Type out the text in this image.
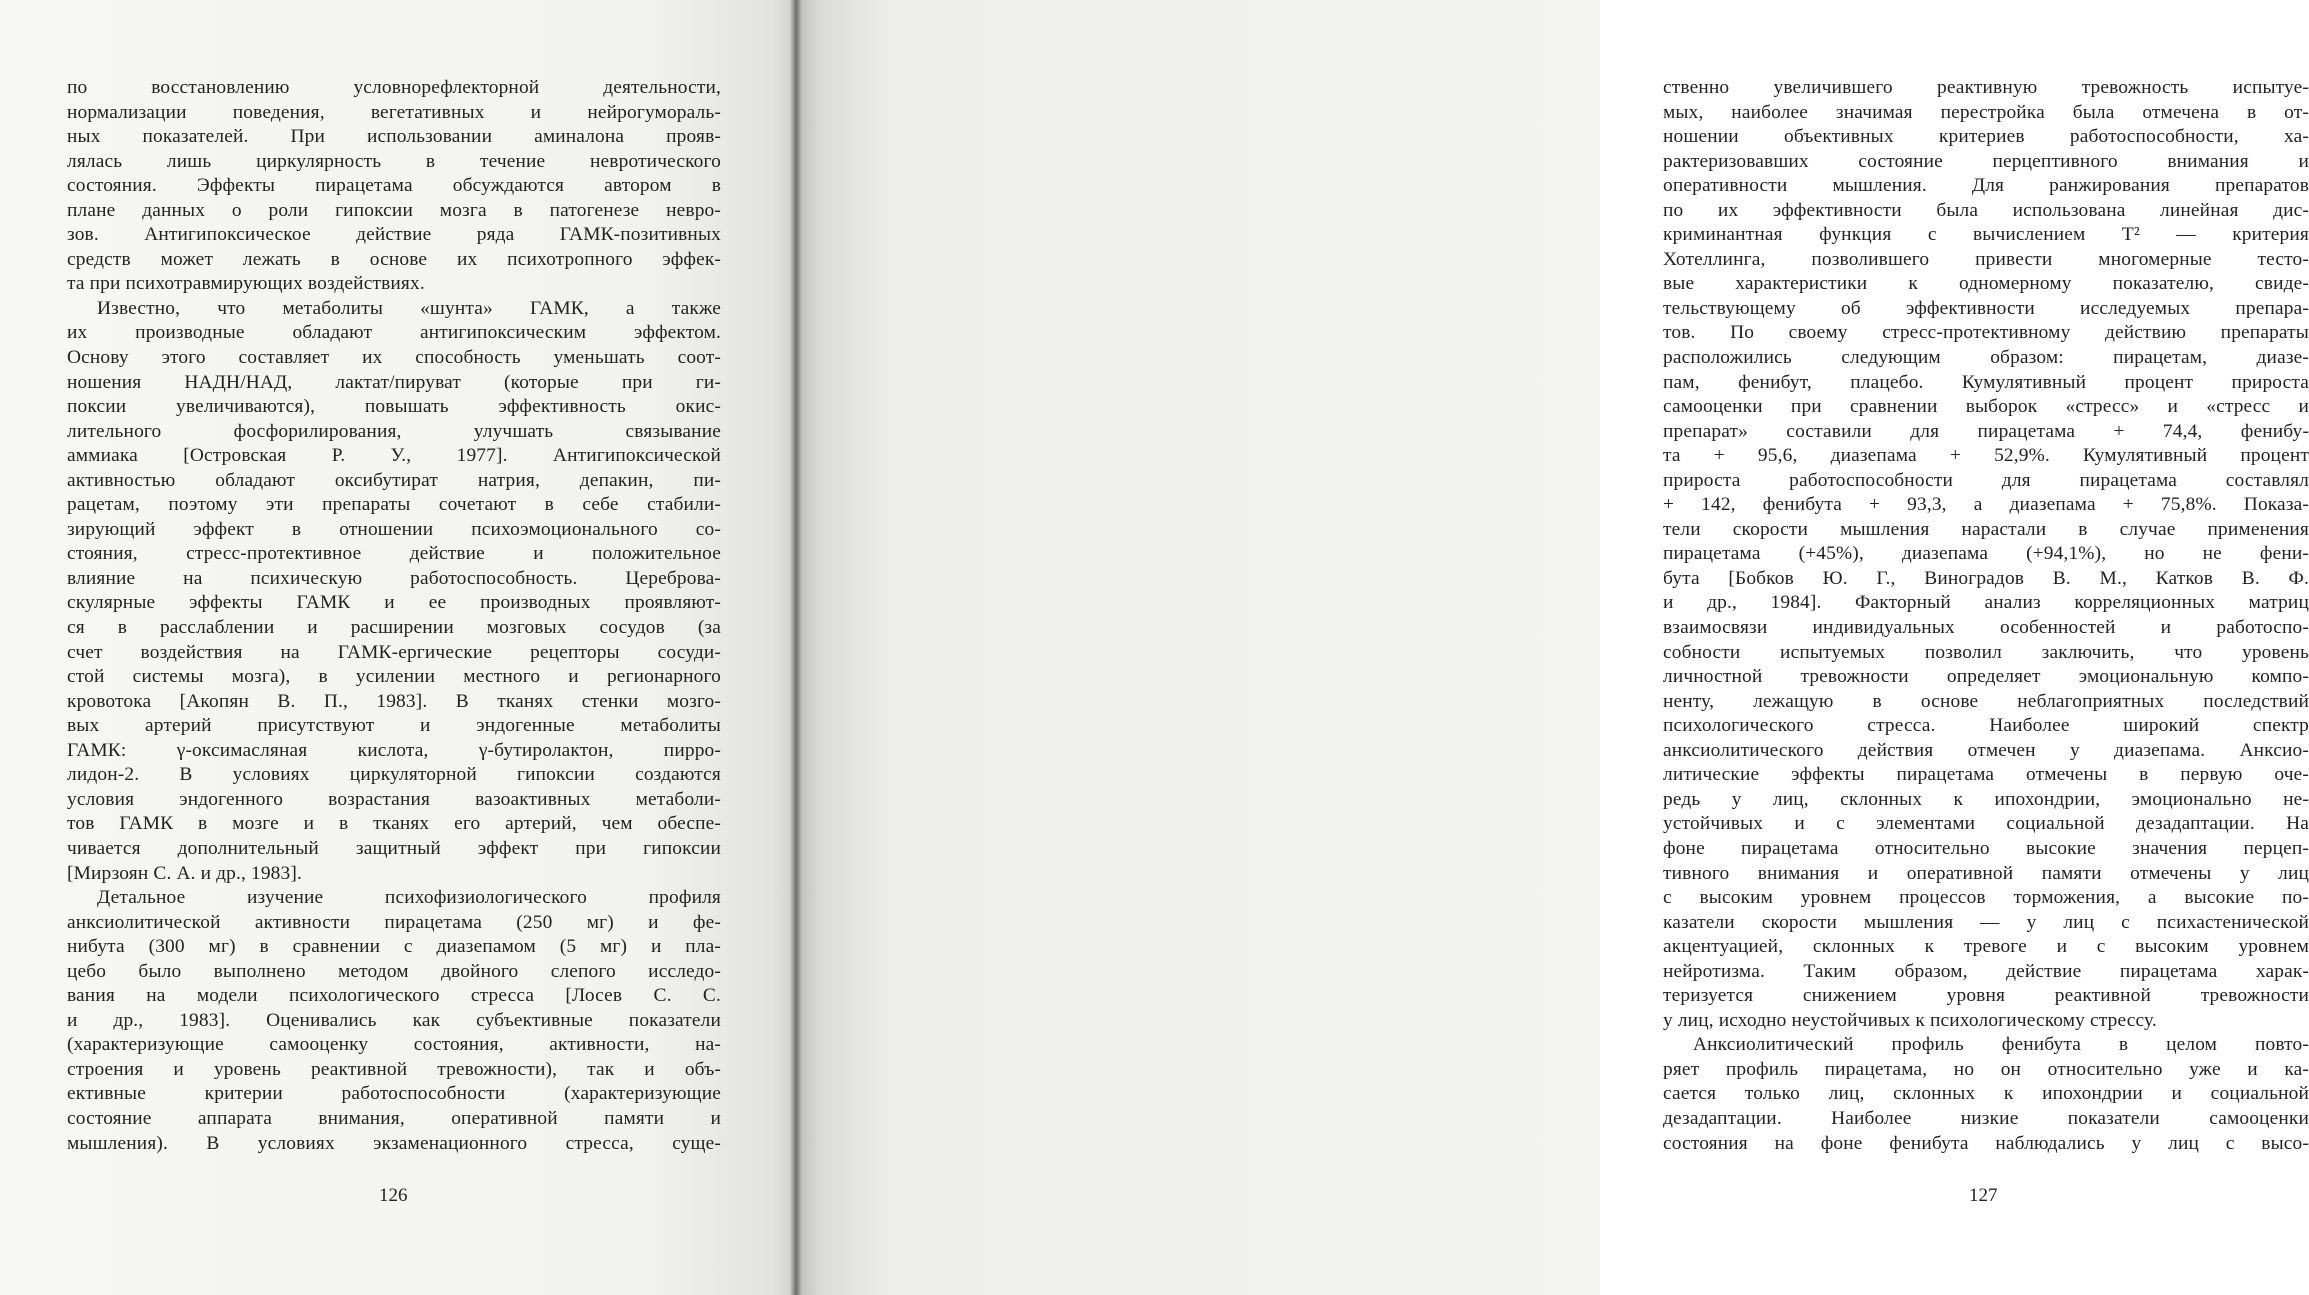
по восстановлению условнорефлекторной деятельности,
нормализации поведения, вегетативных и нейрогумораль-
ных показателей. При использовании аминалона прояв-
лялась лишь циркулярность в течение невротического
состояния. Эффекты пирацетама обсуждаются автором в
плане данных о роли гипоксии мозга в патогенезе невро-
зов. Антигипоксическое действие ряда ГАМК-позитивных
средств может лежать в основе их психотропного эффек-
та при психотравмирующих воздействиях.
Известно, что метаболиты «шунта» ГАМК, а также
их производные обладают антигипоксическим эффектом.
Основу этого составляет их способность уменьшать соот-
ношения НАДН/НАД, лактат/пируват (которые при ги-
поксии увеличиваются), повышать эффективность окис-
лительного фосфорилирования, улучшать связывание
аммиака [Островская Р. У., 1977]. Антигипоксической
активностью обладают оксибутират натрия, депакин, пи-
рацетам, поэтому эти препараты сочетают в себе стабили-
зирующий эффект в отношении психоэмоционального со-
стояния, стресс-протективное действие и положительное
влияние на психическую работоспособность. Цереброва-
скулярные эффекты ГАМК и ее производных проявляют-
ся в расслаблении и расширении мозговых сосудов (за
счет воздействия на ГАМК-ергические рецепторы сосуди-
стой системы мозга), в усилении местного и регионарного
кровотока [Акопян В. П., 1983]. В тканях стенки мозго-
вых артерий присутствуют и эндогенные метаболиты
ГАМК: γ-оксимасляная кислота, γ-бутиролактон, пирро-
лидон-2. В условиях циркуляторной гипоксии создаются
условия эндогенного возрастания вазоактивных метаболи-
тов ГАМК в мозге и в тканях его артерий, чем обеспе-
чивается дополнительный защитный эффект при гипоксии
[Мирзоян С. А. и др., 1983].
Детальное изучение психофизиологического профиля
анксиолитической активности пирацетама (250 мг) и фе-
нибута (300 мг) в сравнении с диазепамом (5 мг) и пла-
цебо было выполнено методом двойного слепого исследо-
вания на модели психологического стресса [Лосев С. С.
и др., 1983]. Оценивались как субъективные показатели
(характеризующие самооценку состояния, активности, на-
строения и уровень реактивной тревожности), так и объ-
ективные критерии работоспособности (характеризующие
состояние аппарата внимания, оперативной памяти и
мышления). В условиях экзаменационного стресса, суще-
126
ственно увеличившего реактивную тревожность испытуе-
мых, наиболее значимая перестройка была отмечена в от-
ношении объективных критериев работоспособности, ха-
рактеризовавших состояние перцептивного внимания и
оперативности мышления. Для ранжирования препаратов
по их эффективности была использована линейная дис-
криминантная функция с вычислением T² — критерия
Хотеллинга, позволившего привести многомерные тесто-
вые характеристики к одномерному показателю, свиде-
тельствующему об эффективности исследуемых препара-
тов. По своему стресс-протективному действию препараты
расположились следующим образом: пирацетам, диазе-
пам, фенибут, плацебо. Кумулятивный процент прироста
самооценки при сравнении выборок «стресс» и «стресс и
препарат» составили для пирацетама + 74,4, фенибу-
та + 95,6, диазепама + 52,9%. Кумулятивный процент
прироста работоспособности для пирацетама составлял
+ 142, фенибута + 93,3, а диазепама + 75,8%. Показа-
тели скорости мышления нарастали в случае применения
пирацетама (+45%), диазепама (+94,1%), но не фени-
бута [Бобков Ю. Г., Виноградов В. М., Катков В. Ф.
и др., 1984]. Факторный анализ корреляционных матриц
взаимосвязи индивидуальных особенностей и работоспо-
собности испытуемых позволил заключить, что уровень
личностной тревожности определяет эмоциональную компо-
ненту, лежащую в основе неблагоприятных последствий
психологического стресса. Наиболее широкий спектр
анксиолитического действия отмечен у диазепама. Анксио-
литические эффекты пирацетама отмечены в первую оче-
редь у лиц, склонных к ипохондрии, эмоционально не-
устойчивых и с элементами социальной дезадаптации. На
фоне пирацетама относительно высокие значения перцеп-
тивного внимания и оперативной памяти отмечены у лиц
с высоким уровнем процессов торможения, а высокие по-
казатели скорости мышления — у лиц с психастенической
акцентуацией, склонных к тревоге и с высоким уровнем
нейротизма. Таким образом, действие пирацетама харак-
теризуется снижением уровня реактивной тревожности
у лиц, исходно неустойчивых к психологическому стрессу.
Анксиолитический профиль фенибута в целом повто-
ряет профиль пирацетама, но он относительно уже и ка-
сается только лиц, склонных к ипохондрии и социальной
дезадаптации. Наиболее низкие показатели самооценки
состояния на фоне фенибута наблюдались у лиц с высо-
127
